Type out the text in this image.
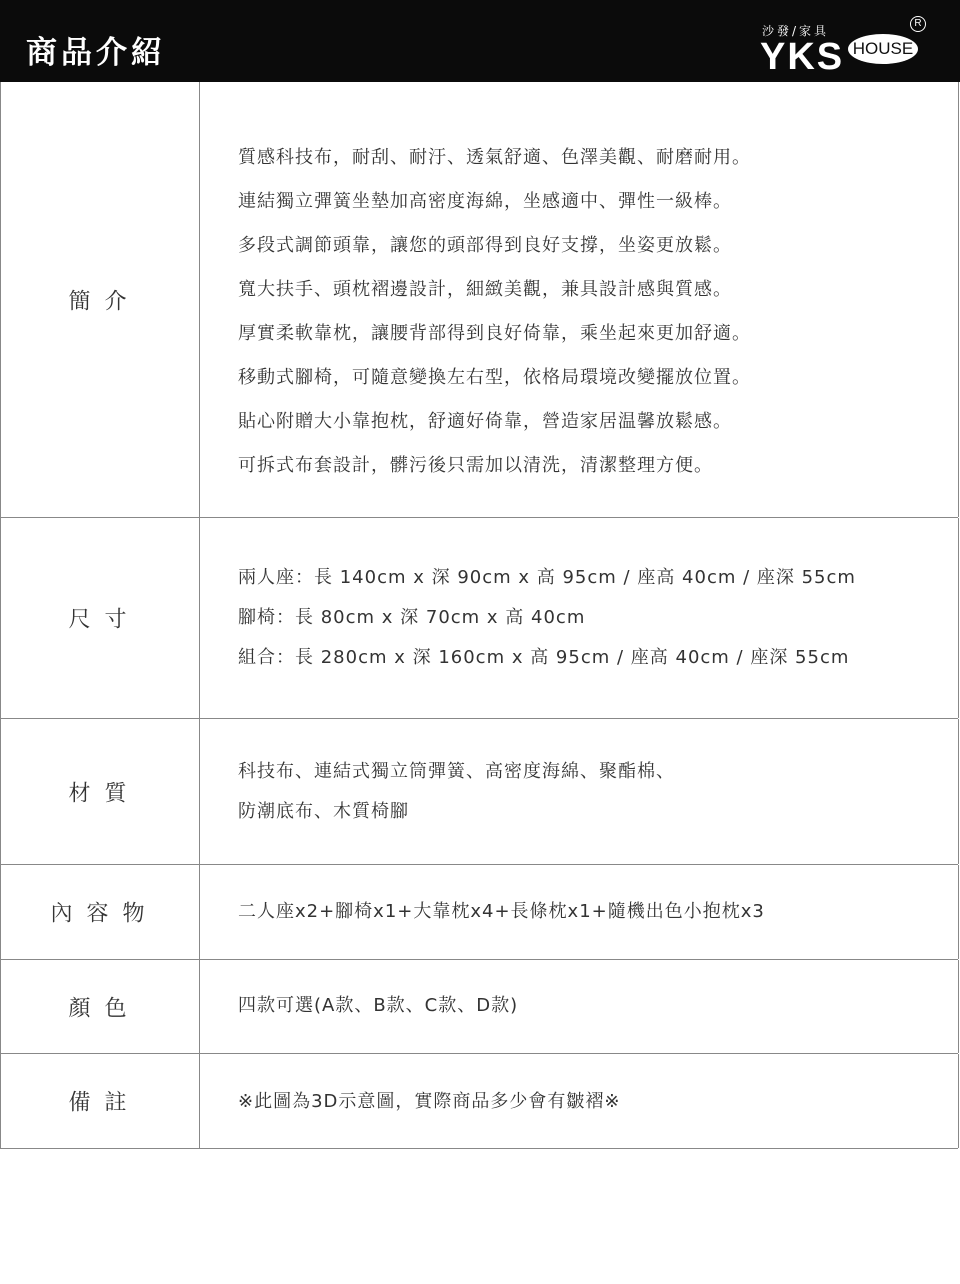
商品介紹
沙發/家具
YKS HOUSE
R
簡介
質感科技布，耐刮、耐汙、透氣舒適、色澤美觀、耐磨耐用。
連結獨立彈簧坐墊加高密度海綿，坐感適中、彈性一級棒。
多段式調節頭靠，讓您的頭部得到良好支撐，坐姿更放鬆。
寬大扶手、頭枕褶邊設計，細緻美觀，兼具設計感與質感。
厚實柔軟靠枕，讓腰背部得到良好倚靠，乘坐起來更加舒適。
移動式腳椅，可隨意變換左右型，依格局環境改變擺放位置。
貼心附贈大小靠抱枕，舒適好倚靠，營造家居温馨放鬆感。
可拆式布套設計，髒污後只需加以清洗，清潔整理方便。
尺寸
兩人座：長 140cm x 深 90cm x 高 95cm / 座高 40cm / 座深 55cm
腳椅：長 80cm x 深 70cm x 高 40cm
組合：長 280cm x 深 160cm x 高 95cm / 座高 40cm / 座深 55cm
材質
科技布、連結式獨立筒彈簧、高密度海綿、聚酯棉、
防潮底布、木質椅腳
內容物	二人座x2+腳椅x1+大靠枕x4+長條枕x1+隨機出色小抱枕x3
顏色	四款可選(A款、B款、C款、D款)
備註	※此圖為3D示意圖，實際商品多少會有皺褶※
